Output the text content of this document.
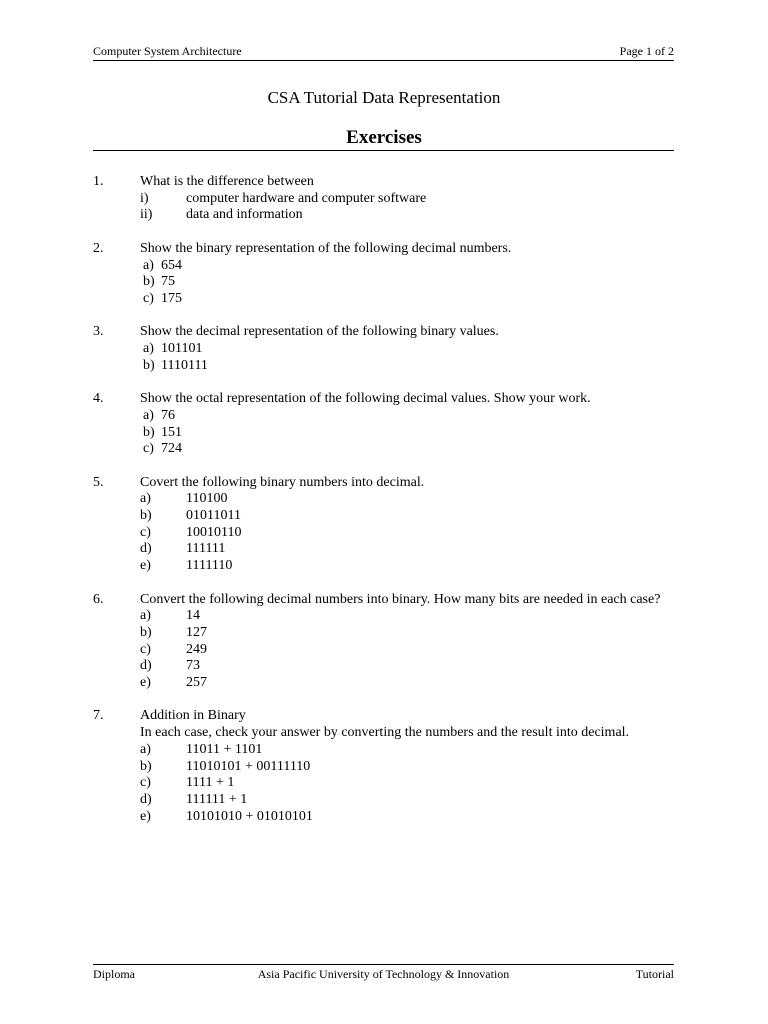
Computer System Architecture	Page 1 of 2
CSA Tutorial Data Representation
Exercises
1.	What is the difference between
i)	computer hardware and computer software
ii)	data and information
2.	Show the binary representation of the following decimal numbers.
a) 654
b) 75
c) 175
3.	Show the decimal representation of the following binary values.
a) 101101
b) 1110111
4.	Show the octal representation of the following decimal values. Show your work.
a) 76
b) 151
c) 724
5.	Covert the following binary numbers into decimal.
a)	110100
b)	01011011
c)	10010110
d)	111111
e)	1111110
6.	Convert the following decimal numbers into binary. How many bits are needed in each case?
a)	14
b)	127
c)	249
d)	73
e)	257
7.	Addition in Binary
In each case, check your answer by converting the numbers and the result into decimal.
a)	11011 + 1101
b)	11010101 + 00111110
c)	1111 + 1
d)	111111 + 1
e)	10101010 + 01010101
Diploma	Asia Pacific University of Technology & Innovation	Tutorial
